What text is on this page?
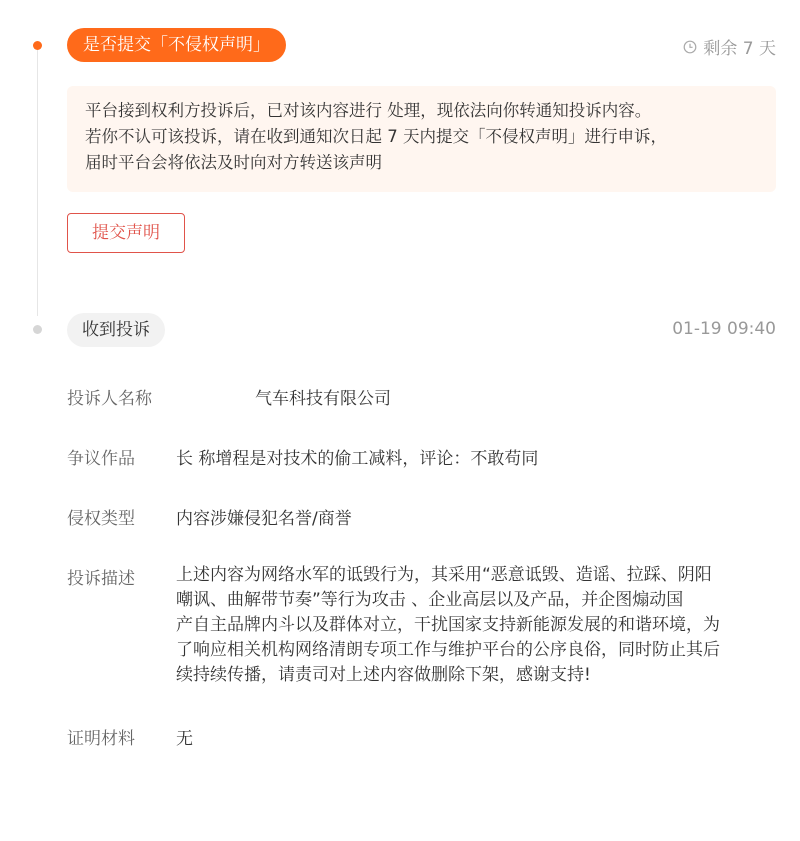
是否提交「不侵权声明」	剩余 7 天
平台接到权利方投诉后，已对该内容进行 处理，现依法向你转通知投诉内容。
若你不认可该投诉，请在收到通知次日起 7 天内提交「不侵权声明」进行申诉，
届时平台会将依法及时向对方转送该声明
提交声明
收到投诉	01-19 09:40
投诉人名称	气车科技有限公司
争议作品 长 称增程是对技术的偷工减料，评论：不敢苟同
侵权类型 内容涉嫌侵犯名誉/商誉
投诉描述 上述内容为网络水军的诋毁行为，其采用“恶意诋毁、造谣、拉踩、阴阳
嘲讽、曲解带节奏”等行为攻击 、企业高层以及产品，并企图煽动国
产自主品牌内斗以及群体对立，干扰国家支持新能源发展的和谐环境，为
了响应相关机构网络清朗专项工作与维护平台的公序良俗，同时防止其后
续持续传播，请责司对上述内容做删除下架，感谢支持!
证明材料 无
